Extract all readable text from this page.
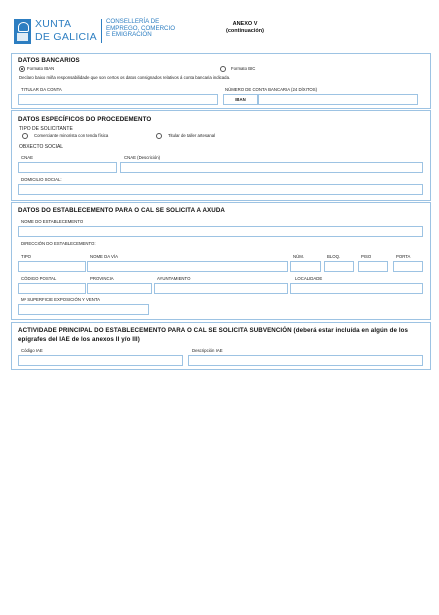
XUNTA
DE GALICIA
CONSELLERÍA DE
EMPREGO, COMERCIO
E EMIGRACIÓN
ANEXO V
(continuación)
DATOS BANCARIOS
Formato IBAN	Formato BIC
Declaro baixo miña responsabilidade que son certos os datos consignados relativos á conta bancaria indicada.
TITULAR DA CONTA	NÚMERO DE CONTA BANCARIA (24 DÍXITOS)
IBAN
DATOS ESPECÍFICOS DO PROCEDEMENTO
TIPO DE SOLICITANTE
Comerciante minorista con tenda física	Titular de taller artesanal
OBXECTO SOCIAL
CNAE	CNAE (Descrición)
DOMICILIO SOCIAL:
DATOS DO ESTABLECEMENTO PARA O CAL SE SOLICITA A AXUDA
NOME DO ESTABLECEMENTO
DIRECCIÓN DO ESTABLECEMENTO:
TIPO	NOME DA VÍA	NÚM.	BLOQ.	PISO	PORTA
CÓDIGO POSTAL	PROVINCIA	AYUNTAMIENTO	LOCALIDADE
M² SUPERFICIE EXPOSICIÓN Y VENTA
ACTIVIDADE PRINCIPAL DO ESTABLECEMENTO PARA O CAL SE SOLICITA SUBVENCIÓN (deberá estar incluída en algún de los epígrafes del IAE de los anexos II y/o III)
Código IAE	Descripción IAE
